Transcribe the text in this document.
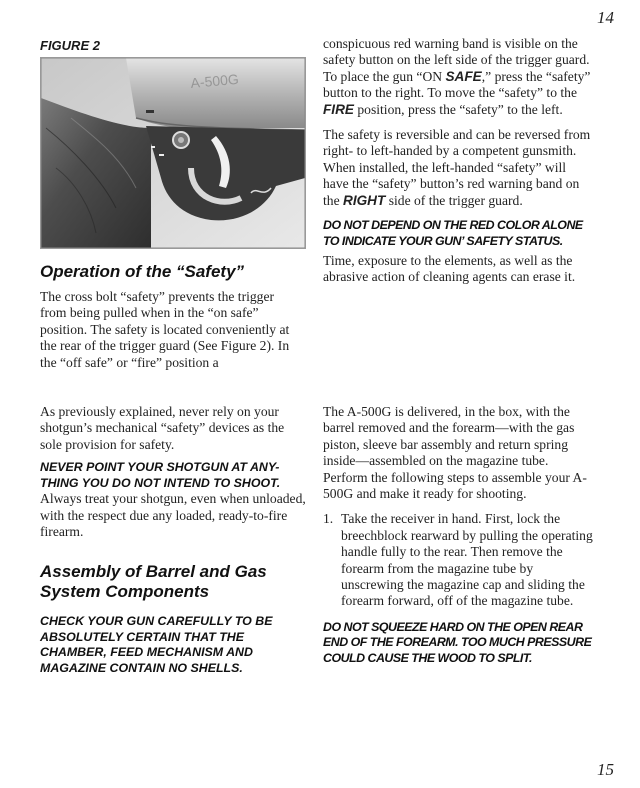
14
15
FIGURE 2
A-500G
Operation of the “Safety”

The cross bolt “safety” prevents the trigger from being pulled when in the “on safe” position. The safety is located conveniently at the rear of the trigger guard (See Figure 2). In the “off safe” or “fire” position a

conspicuous red warning band is visible on the safety button on the left side of the trigger guard. To place the gun “ON SAFE,” press the “safety” button to the right. To move the “safety” to the FIRE position, press the “safety” to the left.

The safety is reversible and can be reversed from right- to left-handed by a competent gunsmith. When installed, the left-handed “safety” will have the “safety” button’s red warning band on the RIGHT side of the trigger guard.

DO NOT DEPEND ON THE RED COLOR ALONE TO INDICATE YOUR GUN’ SAFETY STATUS.

Time, exposure to the elements, as well as the abrasive action of cleaning agents can erase it.

As previously explained, never rely on your shotgun’s mechanical “safety” devices as the sole provision for safety.

NEVER POINT YOUR SHOTGUN AT ANY-THING YOU DO NOT INTEND TO SHOOT.

Always treat your shotgun, even when unloaded, with the respect due any loaded, ready-to-fire firearm.

Assembly of Barrel and Gas System Components
CHECK YOUR GUN CAREFULLY TO BE ABSOLUTELY CERTAIN THAT THE CHAMBER, FEED MECHANISM AND MAGAZINE CONTAIN NO SHELLS.

The A-500G is delivered, in the box, with the barrel removed and the forearm—with the gas piston, sleeve bar assembly and return spring inside—assembled on the magazine tube. Perform the following steps to assemble your A-500G and make it ready for shooting.

1. Take the receiver in hand. First, lock the breechblock rearward by pulling the operating handle fully to the rear. Then remove the forearm from the magazine tube by unscrewing the magazine cap and sliding the forearm forward, off of the magazine tube.
DO NOT SQUEEZE HARD ON THE OPEN REAR END OF THE FOREARM. TOO MUCH PRESSURE COULD CAUSE THE WOOD TO SPLIT.
